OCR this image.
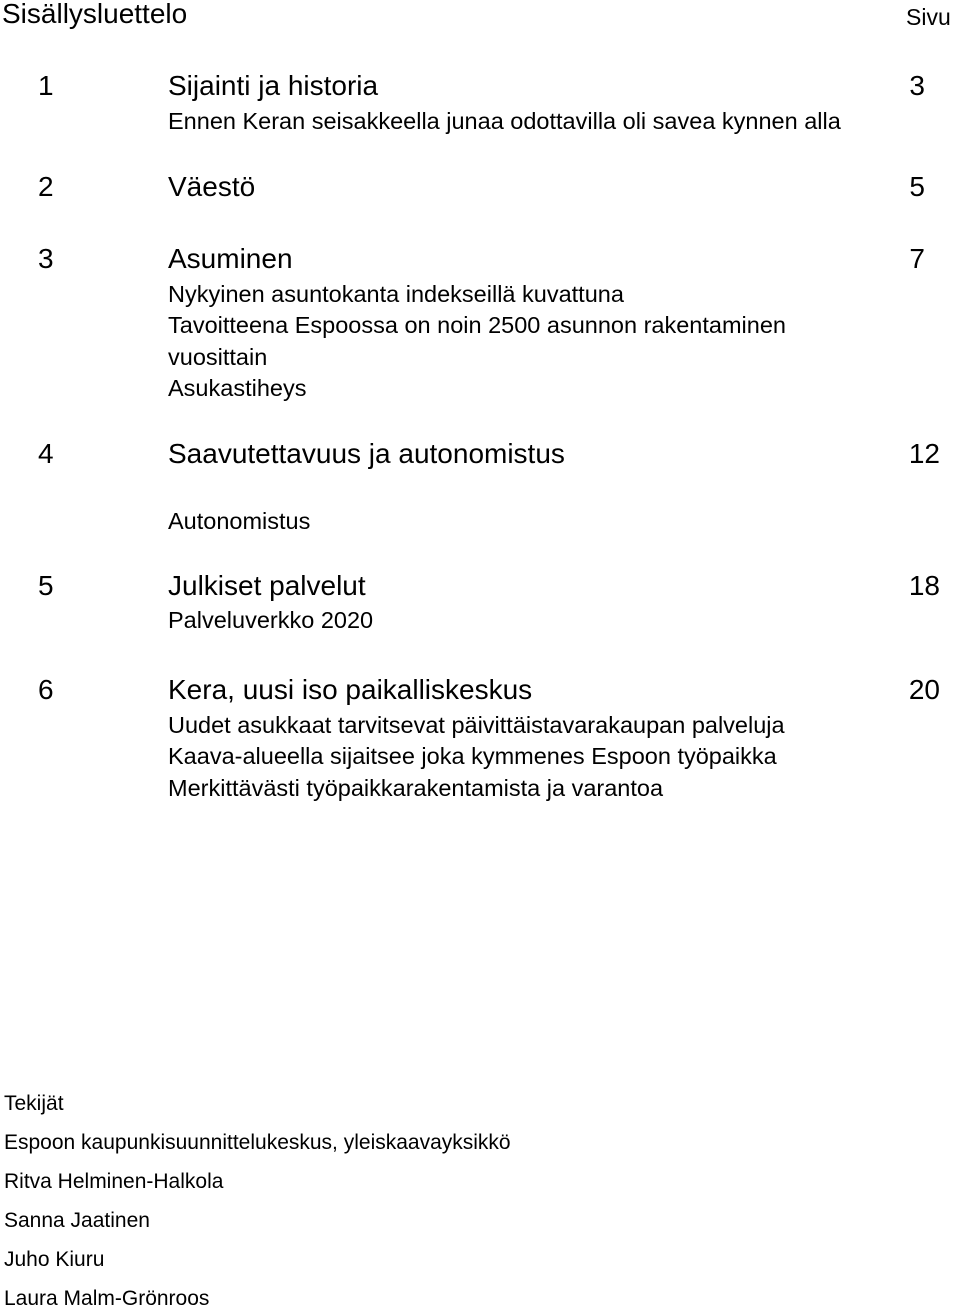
Sisällysluettelo	Sivu
1	Sijainti ja historia	3
Ennen Keran seisakkeella junaa odottavilla oli savea kynnen alla
2	Väestö	5
3	Asuminen	7
Nykyinen asuntokanta indekseillä kuvattuna
Tavoitteena Espoossa on noin 2500 asunnon rakentaminen
vuosittain
Asukastiheys
4	Saavutettavuus ja autonomistus	12
Autonomistus
5	Julkiset palvelut	18
Palveluverkko 2020
6	Kera, uusi iso paikalliskeskus	20
Uudet asukkaat tarvitsevat päivittäistavarakaupan palveluja
Kaava-alueella sijaitsee joka kymmenes Espoon työpaikka
Merkittävästi työpaikkarakentamista ja varantoa
Tekijät
Espoon kaupunkisuunnittelukeskus, yleiskaavayksikkö
Ritva Helminen-Halkola
Sanna Jaatinen
Juho Kiuru
Laura Malm-Grönroos
